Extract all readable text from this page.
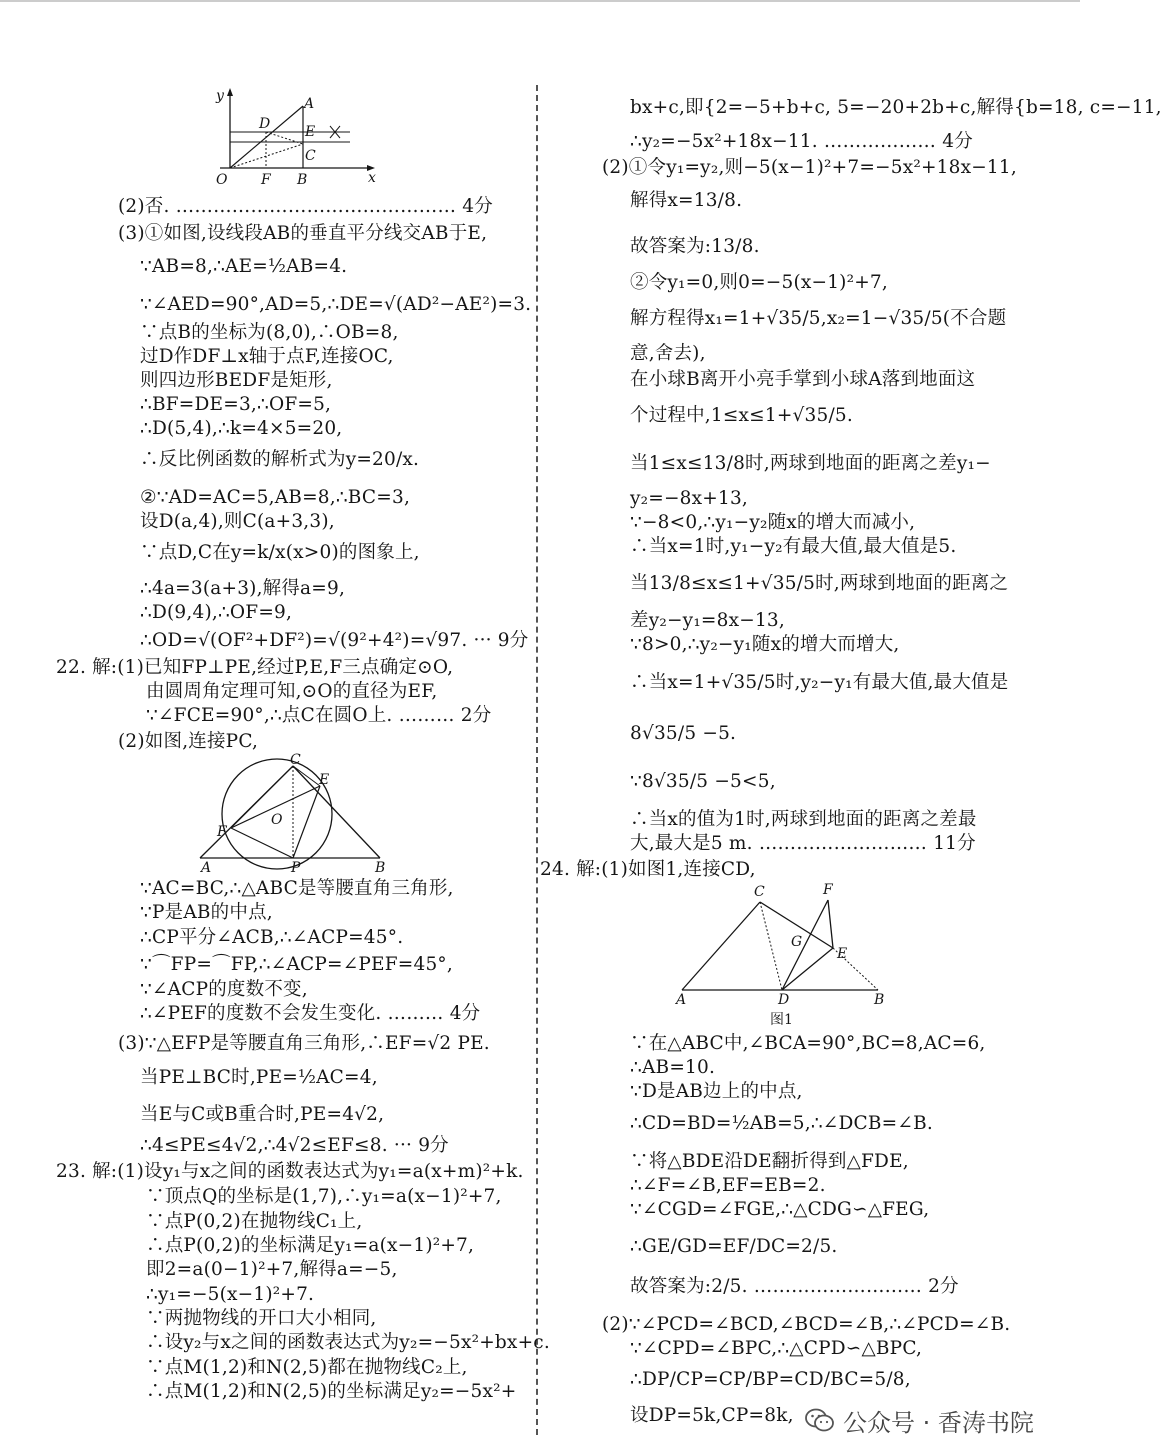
y
x
O F B
D
A
E
C
(2)否. ……………………………………… 4分
(3)①如图,设线段AB的垂直平分线交AB于E,
∵AB=8,∴AE=½AB=4.
∵∠AED=90°,AD=5,∴DE=√(AD²−AE²)=3.
∵点B的坐标为(8,0),∴OB=8,
过D作DF⊥x轴于点F,连接OC,
则四边形BEDF是矩形,
∴BF=DE=3,∴OF=5,
∴D(5,4),∴k=4×5=20,
∴反比例函数的解析式为y=20/x.
②∵AD=AC=5,AB=8,∴BC=3,
设D(a,4),则C(a+3,3),
∵点D,C在y=k/x(x>0)的图象上,
∴4a=3(a+3),解得a=9,
∴D(9,4),∴OF=9,
∴OD=√(OF²+DF²)=√(9²+4²)=√97. ··· 9分
22. 解:(1)已知FP⊥PE,经过P,E,F三点确定⊙O,
由圆周角定理可知,⊙O的直径为EF,
∵∠FCE=90°,∴点C在圆O上. ……… 2分
(2)如图,连接PC,
C
E
O
F
A	P	B
∵AC=BC,∴△ABC是等腰直角三角形,
∵P是AB的中点,
∴CP平分∠ACB,∴∠ACP=45°.
∵⌒FP=⌒FP,∴∠ACP=∠PEF=45°,
∵∠ACP的度数不变,
∴∠PEF的度数不会发生变化. ……… 4分
(3)∵△EFP是等腰直角三角形,∴EF=√2 PE.
当PE⊥BC时,PE=½AC=4,
当E与C或B重合时,PE=4√2,
∴4≤PE≤4√2,∴4√2≤EF≤8. ··· 9分
23. 解:(1)设y₁与x之间的函数表达式为y₁=a(x+m)²+k.
∵顶点Q的坐标是(1,7),∴y₁=a(x−1)²+7,
∵点P(0,2)在抛物线C₁上,
∴点P(0,2)的坐标满足y₁=a(x−1)²+7,
即2=a(0−1)²+7,解得a=−5,
∴y₁=−5(x−1)²+7.
∵两抛物线的开口大小相同,
∴设y₂与x之间的函数表达式为y₂=−5x²+bx+c.
∵点M(1,2)和N(2,5)都在抛物线C₂上,
∴点M(1,2)和N(2,5)的坐标满足y₂=−5x²+
bx+c,即{2=−5+b+c, 5=−20+2b+c,解得{b=18, c=−11,
∴y₂=−5x²+18x−11. ……………… 4分
(2)①令y₁=y₂,则−5(x−1)²+7=−5x²+18x−11,
解得x=13/8.
故答案为:13/8.
②令y₁=0,则0=−5(x−1)²+7,
解方程得x₁=1+√35/5,x₂=1−√35/5(不合题
意,舍去),
在小球B离开小亮手掌到小球A落到地面这
个过程中,1≤x≤1+√35/5.
当1≤x≤13/8时,两球到地面的距离之差y₁−
y₂=−8x+13,
∵−8<0,∴y₁−y₂随x的增大而减小,
∴当x=1时,y₁−y₂有最大值,最大值是5.
当13/8≤x≤1+√35/5时,两球到地面的距离之
差y₂−y₁=8x−13,
∵8>0,∴y₂−y₁随x的增大而增大,
∴当x=1+√35/5时,y₂−y₁有最大值,最大值是
8√35/5 −5.
∵8√35/5 −5<5,
∴当x的值为1时,两球到地面的距离之差最
大,最大是5 m. ……………………… 11分
24. 解:(1)如图1,连接CD,
C	F
G
E
A	D	B
图1
∵在△ABC中,∠BCA=90°,BC=8,AC=6,
∴AB=10.
∵D是AB边上的中点,
∴CD=BD=½AB=5,∴∠DCB=∠B.
∵将△BDE沿DE翻折得到△FDE,
∴∠F=∠B,EF=EB=2.
∵∠CGD=∠FGE,∴△CDG∽△FEG,
∴GE/GD=EF/DC=2/5.
故答案为:2/5. ……………………… 2分
(2)∵∠PCD=∠BCD,∠BCD=∠B,∴∠PCD=∠B.
∵∠CPD=∠BPC,∴△CPD∽△BPC,
∴DP/CP=CP/BP=CD/BC=5/8,
设DP=5k,CP=8k, 公众号 · 香涛书院
